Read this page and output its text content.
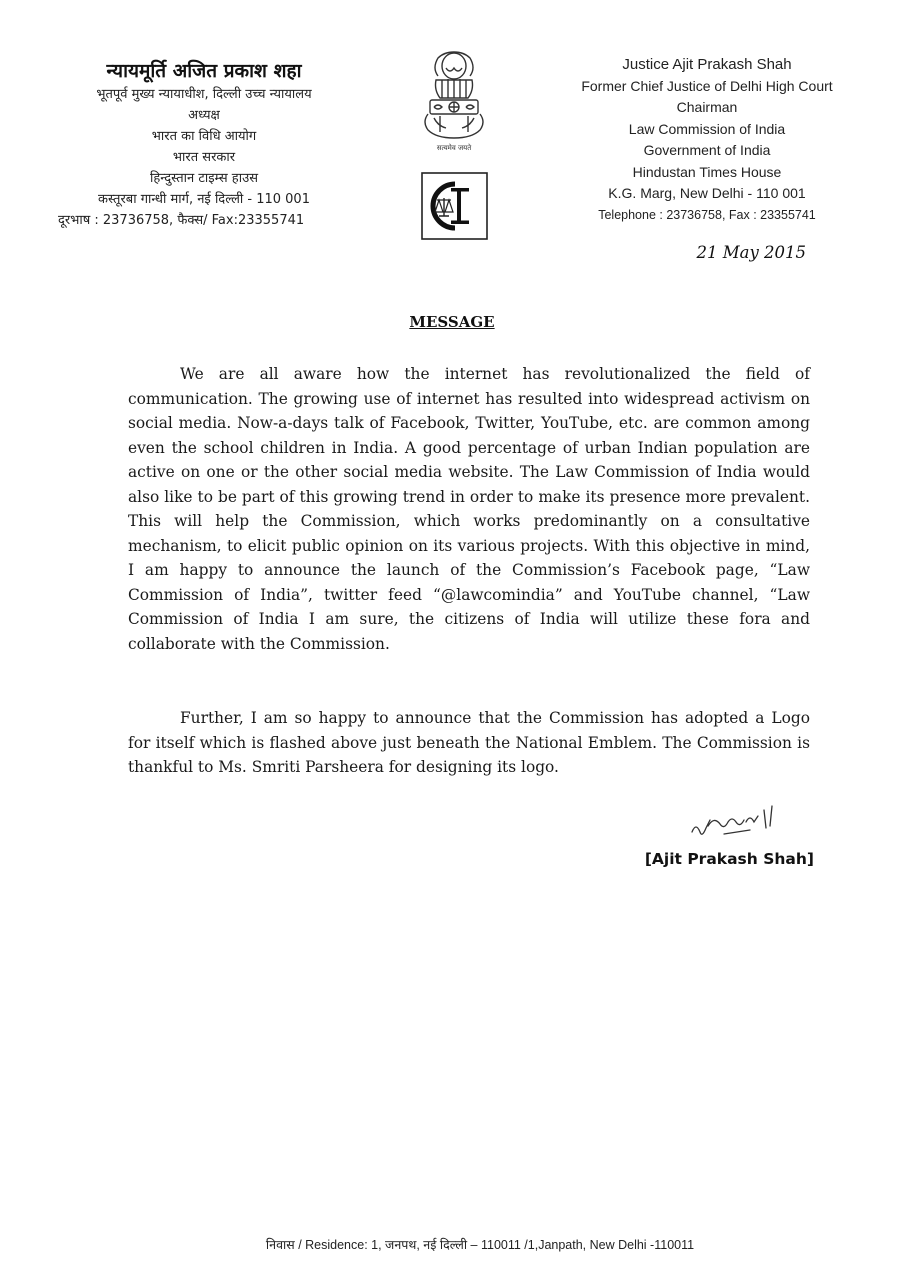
न्यायमूर्ति अजित प्रकाश शहा
भूतपूर्व मुख्य न्यायाधीश, दिल्ली उच्च न्यायालय
अध्यक्ष
भारत का विधि आयोग
भारत सरकार
हिन्दुस्तान टाइम्स हाउस
कस्तूरबा गान्धी मार्ग, नई दिल्ली - 110 001
दूरभाष : 23736758, फैक्स/ Fax:23355741
सत्यमेव जयते
Justice Ajit Prakash Shah
Former Chief Justice of Delhi High Court
Chairman
Law Commission of India
Government of India
Hindustan Times House
K.G. Marg, New Delhi - 110 001
Telephone : 23736758, Fax : 23355741
21 May 2015
MESSAGE

We are all aware how the internet has revolutionalized the field of communication. The growing use of internet has resulted into widespread activism on social media. Now-a-days talk of Facebook, Twitter, YouTube, etc. are common among even the school children in India. A good percentage of urban Indian population are active on one or the other social media website. The Law Commission of India would also like to be part of this growing trend in order to make its presence more prevalent. This will help the Commission, which works predominantly on a consultative mechanism, to elicit public opinion on its various projects. With this objective in mind, I am happy to announce the launch of the Commission’s Facebook page, “Law Commission of India”, twitter feed “@lawcomindia” and YouTube channel, “Law Commission of India I am sure, the citizens of India will utilize these fora and collaborate with the Commission.

Further, I am so happy to announce that the Commission has adopted a Logo for itself which is flashed above just beneath the National Emblem. The Commission is thankful to Ms. Smriti Parsheera for designing its logo.

[Ajit Prakash Shah]
निवास / Residence: 1, जनपथ, नई दिल्ली – 110011 /1,Janpath, New Delhi -110011
